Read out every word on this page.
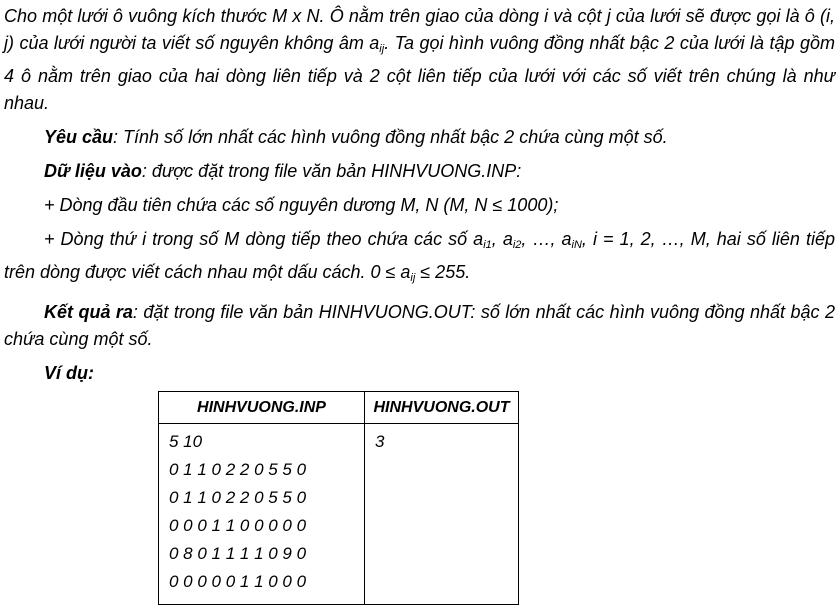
Cho một lưới ô vuông kích thước M x N. Ô nằm trên giao của dòng i và cột j của lưới sẽ được gọi là ô (i, j) của lưới người ta viết số nguyên không âm $a_{ij}$. Ta gọi hình vuông đồng nhất bậc 2 của lưới là tập gồm 4 ô nằm trên giao của hai dòng liên tiếp và 2 cột liên tiếp của lưới với các số viết trên chúng là như nhau.

Yêu cầu: Tính số lớn nhất các hình vuông đồng nhất bậc 2 chứa cùng một số.

Dữ liệu vào: được đặt trong file văn bản HINHVUONG.INP:

+ Dòng đầu tiên chứa các số nguyên dương M, N (M, N ≤ 1000);

+ Dòng thứ i trong số M dòng tiếp theo chứa các số $a_{i1}$, $a_{i2}$, …, $a_{iN}$, i = 1, 2, …, M, hai số liên tiếp trên dòng được viết cách nhau một dấu cách. $0 \le a_{ij} \le 255$.

Kết quả ra: đặt trong file văn bản HINHVUONG.OUT: số lớn nhất các hình vuông đồng nhất bậc 2 chứa cùng một số.

Ví dụ:

HINHVUONG.INP	HINHVUONG.OUT

5 10
0 1 1 0 2 2 0 5 5 0
0 1 1 0 2 2 0 5 5 0
0 0 0 1 1 0 0 0 0 0
0 8 0 1 1 1 1 0 9 0
0 0 0 0 0 1 1 0 0 0

3
